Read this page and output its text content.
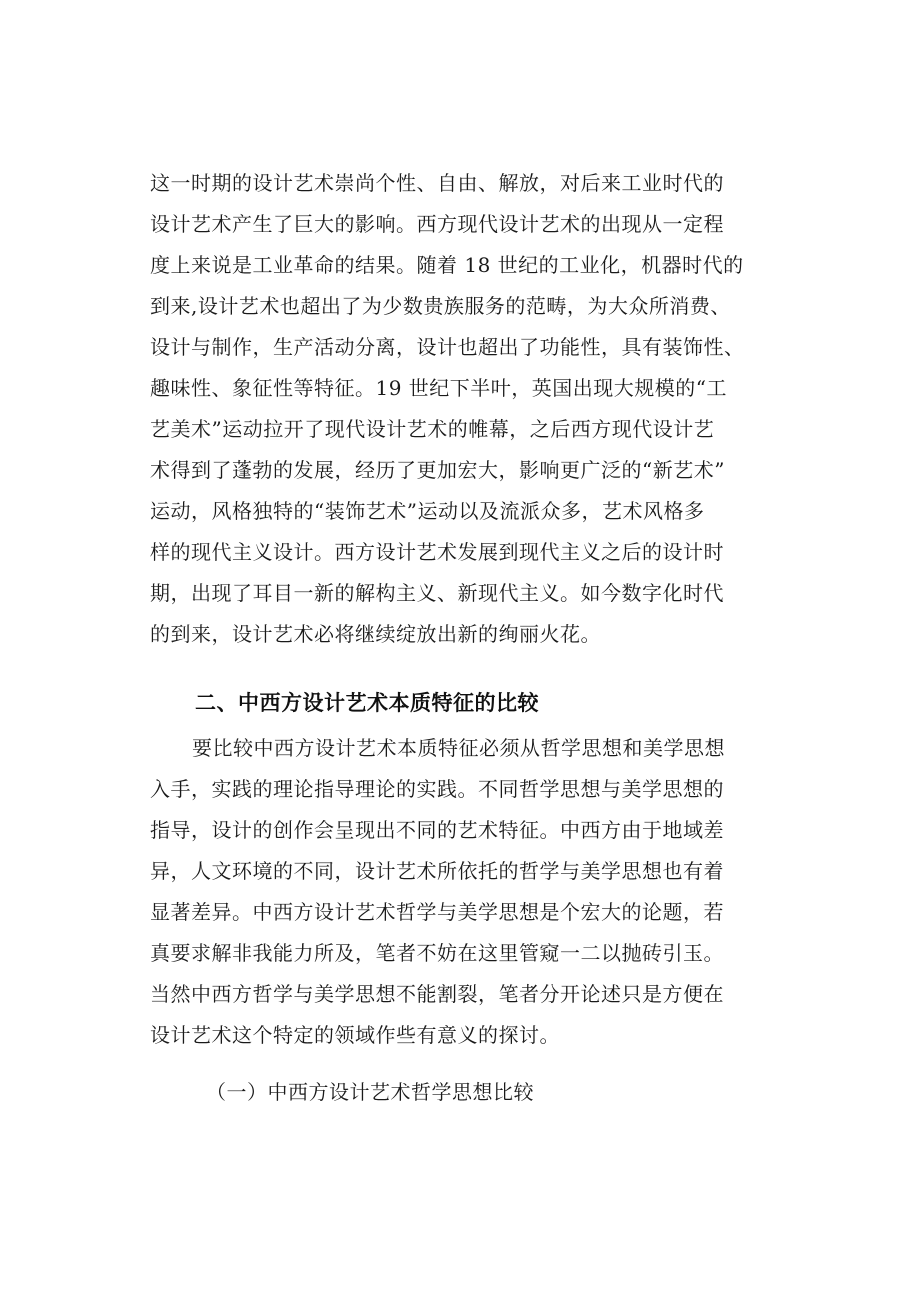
这一时期的设计艺术崇尚个性、自由、解放，对后来工业时代的
设计艺术产生了巨大的影响。西方现代设计艺术的出现从一定程
度上来说是工业革命的结果。随着 18 世纪的工业化，机器时代的
到来,设计艺术也超出了为少数贵族服务的范畴，为大众所消费、
设计与制作，生产活动分离，设计也超出了功能性，具有装饰性、
趣味性、象征性等特征。19 世纪下半叶，英国出现大规模的“工
艺美术”运动拉开了现代设计艺术的帷幕，之后西方现代设计艺
术得到了蓬勃的发展，经历了更加宏大，影响更广泛的“新艺术”
运动，风格独特的“装饰艺术”运动以及流派众多，艺术风格多
样的现代主义设计。西方设计艺术发展到现代主义之后的设计时
期，出现了耳目一新的解构主义、新现代主义。如今数字化时代
的到来，设计艺术必将继续绽放出新的绚丽火花。
二、中西方设计艺术本质特征的比较
要比较中西方设计艺术本质特征必须从哲学思想和美学思想
入手，实践的理论指导理论的实践。不同哲学思想与美学思想的
指导，设计的创作会呈现出不同的艺术特征。中西方由于地域差
异，人文环境的不同，设计艺术所依托的哲学与美学思想也有着
显著差异。中西方设计艺术哲学与美学思想是个宏大的论题，若
真要求解非我能力所及，笔者不妨在这里管窥一二以抛砖引玉。
当然中西方哲学与美学思想不能割裂，笔者分开论述只是方便在
设计艺术这个特定的领域作些有意义的探讨。

（一）中西方设计艺术哲学思想比较
